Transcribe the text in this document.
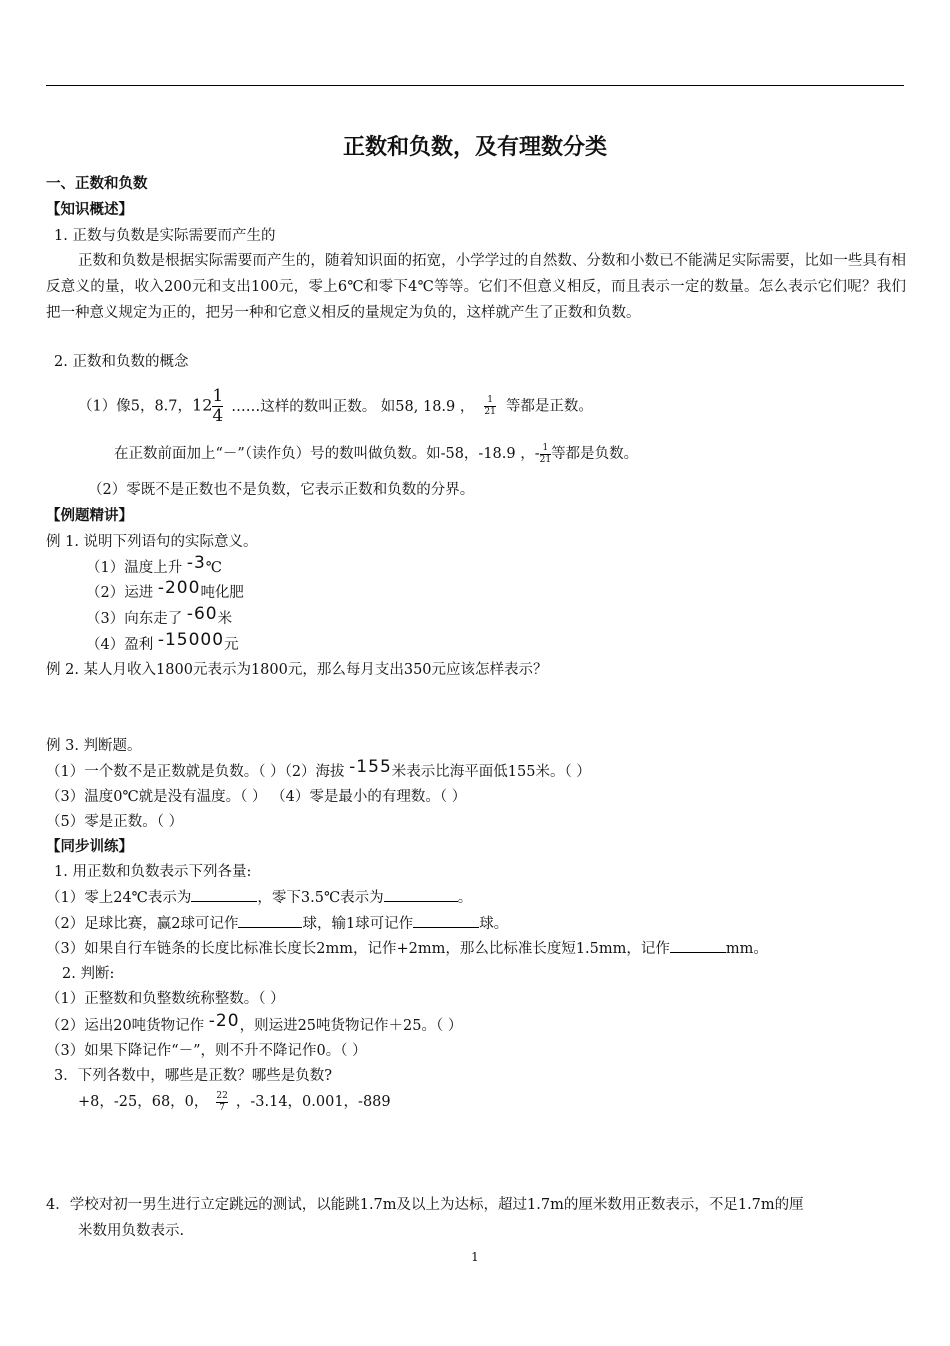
正数和负数，及有理数分类
一、正数和负数
【知识概述】
1. 正数与负数是实际需要而产生的
正数和负数是根据实际需要而产生的，随着知识面的拓宽，小学学过的自然数、分数和小数已不能满足实际需要，比如一些具有相反意义的量，收入200元和支出100元，零上6℃和零下4℃等等。它们不但意义相反，而且表示一定的数量。怎么表示它们呢？我们把一种意义规定为正的，把另一种和它意义相反的量规定为负的，这样就产生了正数和负数。
2. 正数和负数的概念
（1）像5，8.7，$12 \frac{1}{4}$ ……这样的数叫正数。 如58, 18.9 ， $\frac{1}{21}$ 等都是正数。
在正数前面加上“－”（读作负）号的数叫做负数。如-58，-18.9 ，- $\frac{1}{21}$ 等都是负数。
（2）零既不是正数也不是负数，它表示正数和负数的分界。
【例题精讲】
例 1. 说明下列语句的实际意义。
（1）温度上升 -3℃
（2）运进 -200吨化肥
（3）向东走了 -60米
（4）盈利 -15000元
例 2. 某人月收入1800元表示为1800元，那么每月支出350元应该怎样表示？
例 3. 判断题。
（1）一个数不是正数就是负数。（ ）（2）海拔 -155米表示比海平面低155米。（ ）
（3）温度0℃就是没有温度。（ ） （4）零是最小的有理数。（ ）
（5）零是正数。（ ）
【同步训练】
1. 用正数和负数表示下列各量:
（1）零上24℃表示为	，零下3.5℃表示为	。
（2）足球比赛，赢2球可记作	球，输1球可记作	球。
（3）如果自行车链条的长度比标准长度长2mm，记作+2mm，那么比标准长度短1.5mm，记作	mm。
2. 判断:
（1）正整数和负整数统称整数。（ ）
（2）运出20吨货物记作 -20，则运进25吨货物记作＋25。（ ）
（3）如果下降记作“－”，则不升不降记作0。（ ）
3．下列各数中，哪些是正数？哪些是负数?
+8，-25，68，0， $\frac{22}{7}$ ，-3.14，0.001，-889
4．学校对初一男生进行立定跳远的测试，以能跳1.7m及以上为达标，超过1.7m的厘米数用正数表示，不足1.7m的厘
米数用负数表示.
1
